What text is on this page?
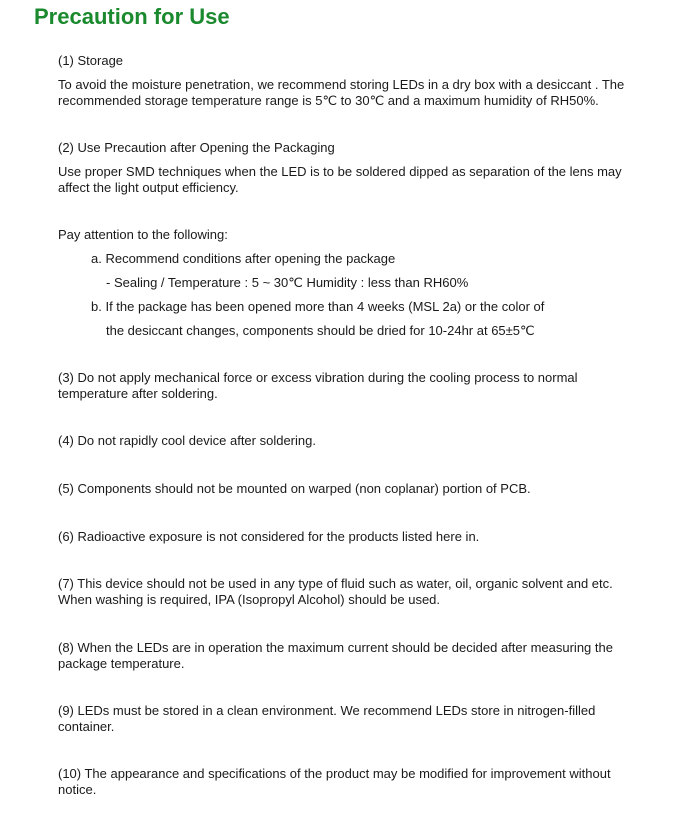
Precaution for Use

(1) Storage

To avoid the moisture penetration, we recommend storing LEDs in a dry box with a desiccant . The

recommended storage temperature range is 5℃ to 30℃ and a maximum humidity of RH50%.

(2) Use Precaution after Opening the Packaging

Use proper SMD techniques when the LED is to be soldered dipped as separation of the lens may

affect the light output efficiency.

Pay attention to the following:

a. Recommend conditions after opening the package

- Sealing / Temperature : 5 ~ 30℃ Humidity : less than RH60%

b. If the package has been opened more than 4 weeks (MSL 2a) or the color of

the desiccant changes, components should be dried for 10-24hr at 65±5℃

(3) Do not apply mechanical force or excess vibration during the cooling process to normal

temperature after soldering.

(4) Do not rapidly cool device after soldering.

(5) Components should not be mounted on warped (non coplanar) portion of PCB.

(6) Radioactive exposure is not considered for the products listed here in.

(7) This device should not be used in any type of fluid such as water, oil, organic solvent and etc.

When washing is required, IPA (Isopropyl Alcohol) should be used.

(8) When the LEDs are in operation the maximum current should be decided after measuring the

package temperature.

(9) LEDs must be stored in a clean environment. We recommend LEDs store in nitrogen-filled

container.

(10) The appearance and specifications of the product may be modified for improvement without

notice.
